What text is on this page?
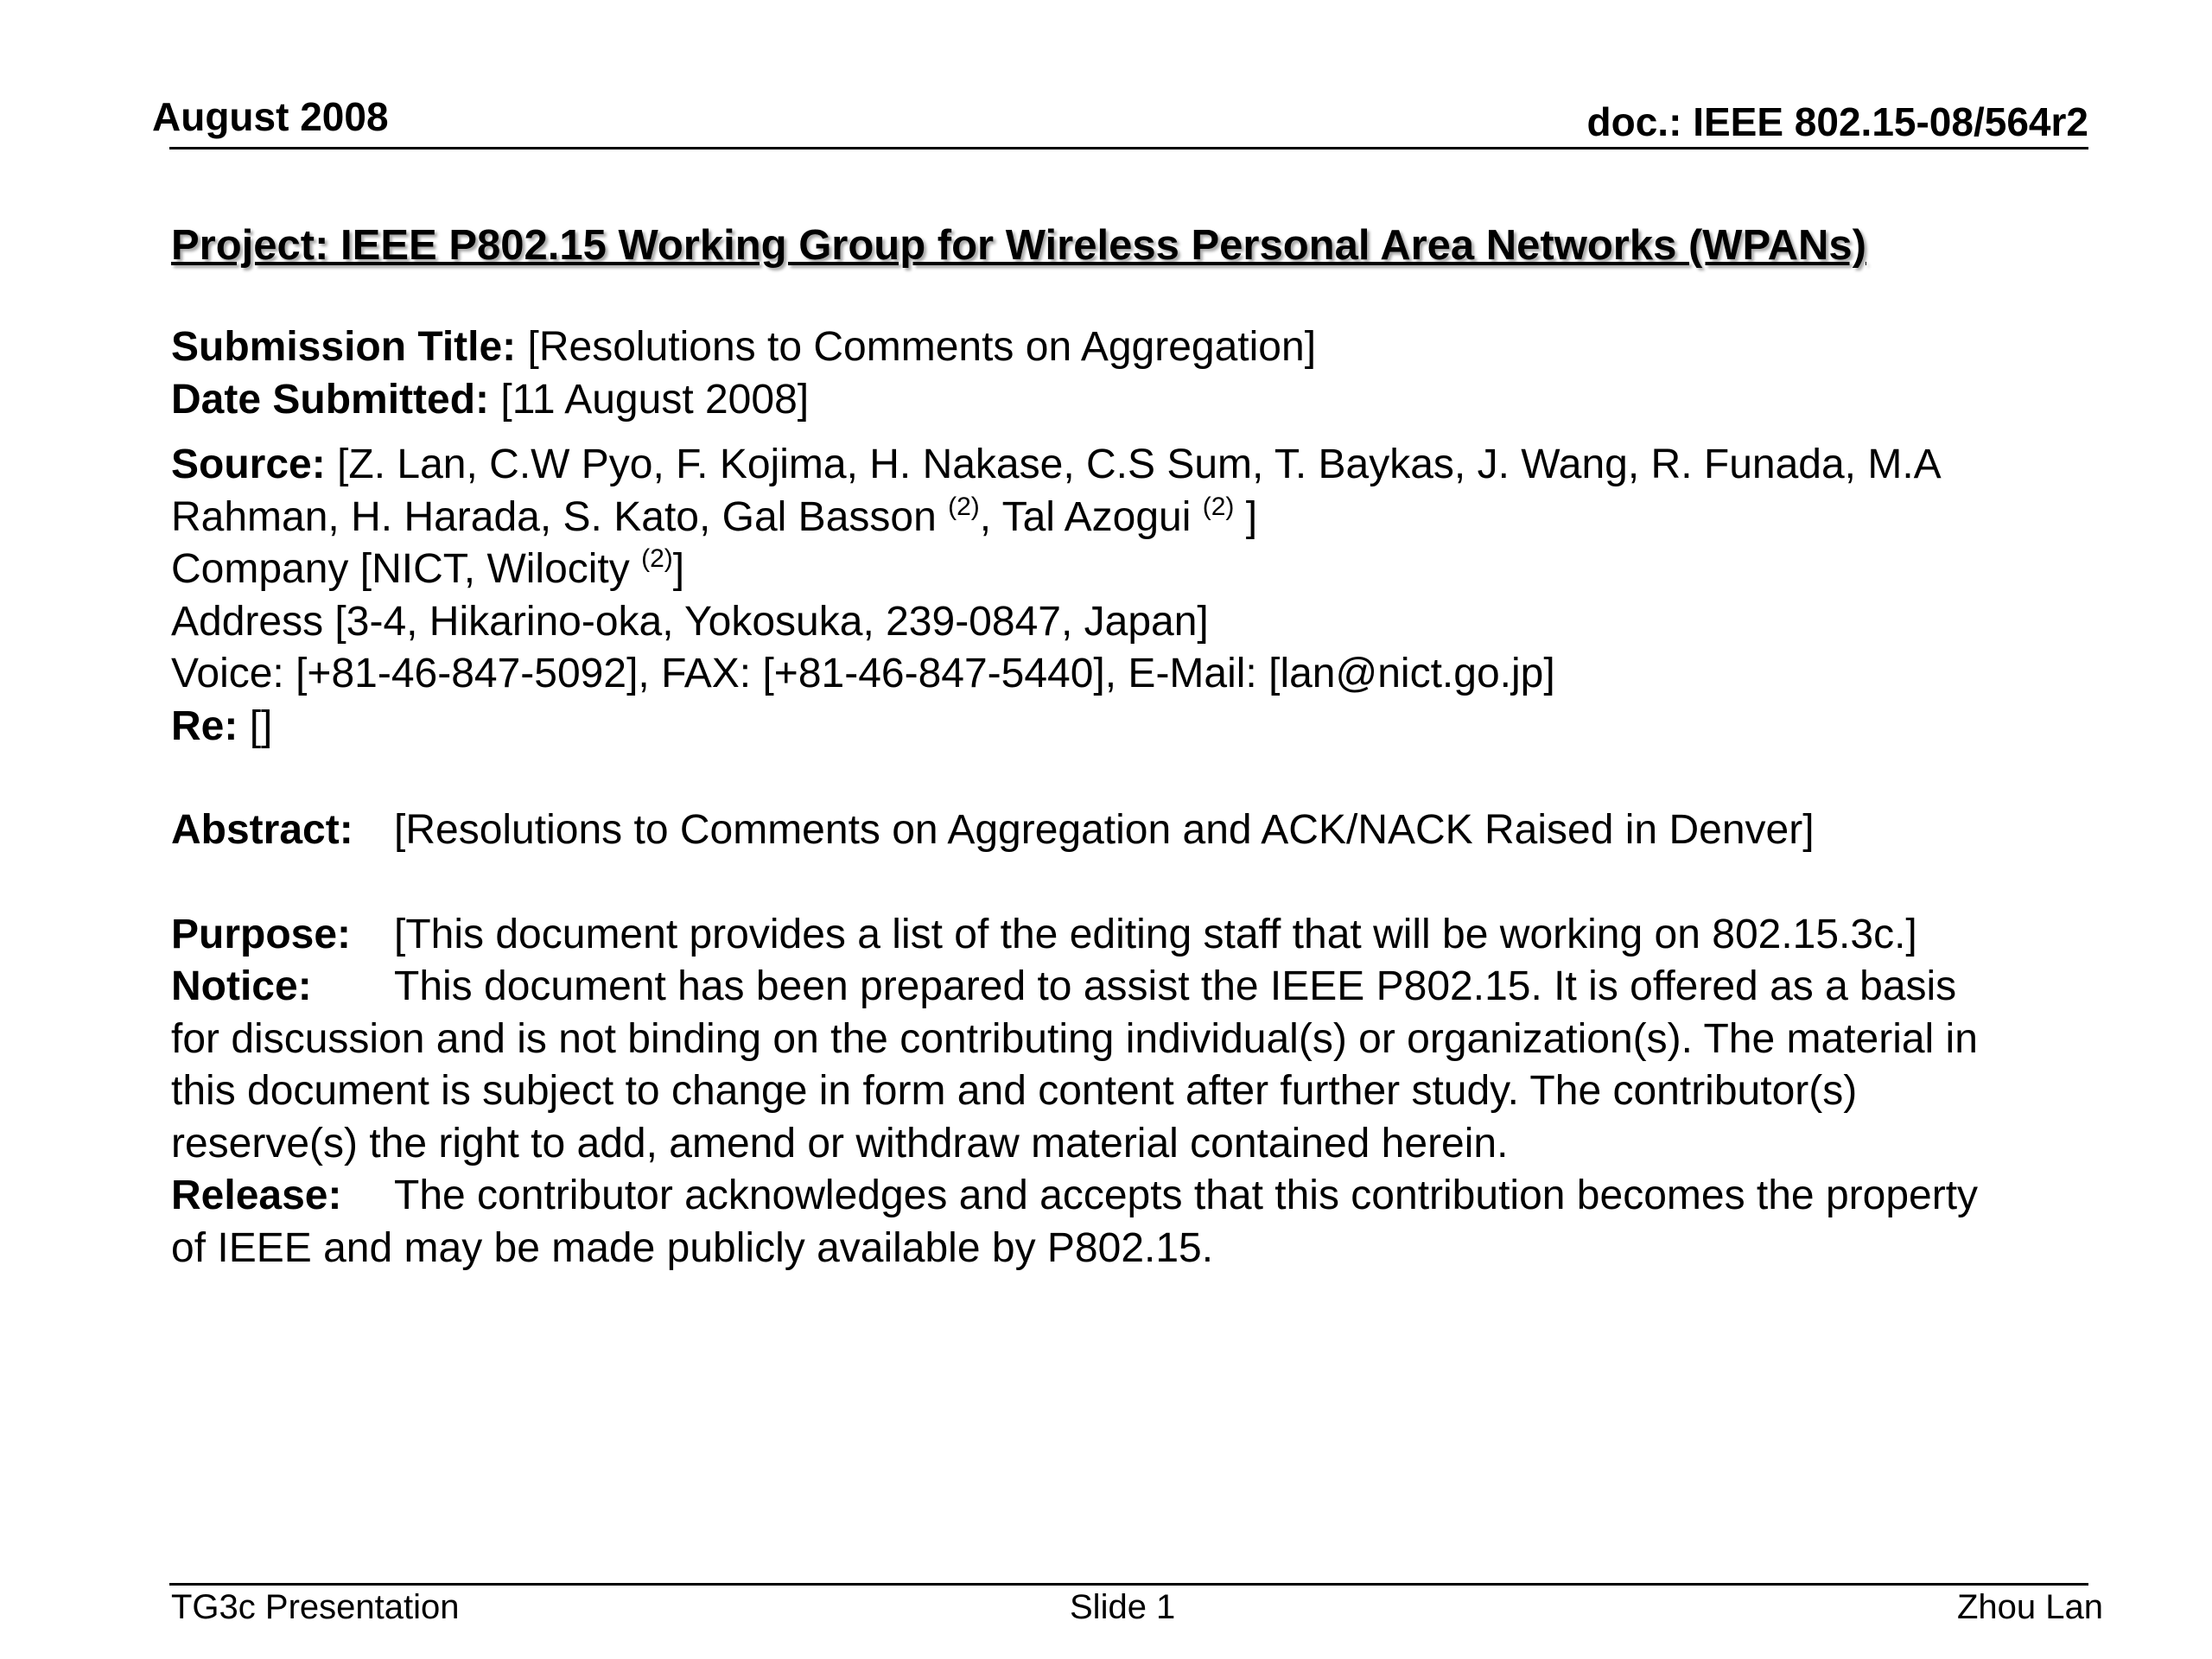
August 2008	doc.: IEEE 802.15-08/564r2
Project: IEEE P802.15 Working Group for Wireless Personal Area Networks (WPANs)
Submission Title: [Resolutions to Comments on Aggregation]
Date Submitted: [11 August 2008]
Source: [Z. Lan, C.W Pyo, F. Kojima, H. Nakase, C.S Sum, T. Baykas, J. Wang, R. Funada, M.A
Rahman, H. Harada, S. Kato, Gal Basson $^{(2)}$, Tal Azogui $^{(2)}$ ]
Company [NICT, Wilocity $^{(2)}$]
Address [3-4, Hikarino-oka, Yokosuka, 239-0847, Japan]
Voice: [+81-46-847-5092], FAX: [+81-46-847-5440], E-Mail: [lan@nict.go.jp]
Re: []
Abstract: [Resolutions to Comments on Aggregation and ACK/NACK Raised in Denver]
Purpose: [This document provides a list of the editing staff that will be working on 802.15.3c.]
Notice: This document has been prepared to assist the IEEE P802.15. It is offered as a basis
for discussion and is not binding on the contributing individual(s) or organization(s). The material in
this document is subject to change in form and content after further study. The contributor(s)
reserve(s) the right to add, amend or withdraw material contained herein.
Release: The contributor acknowledges and accepts that this contribution becomes the property
of IEEE and may be made publicly available by P802.15.
TG3c Presentation	Slide 1	Zhou Lan
